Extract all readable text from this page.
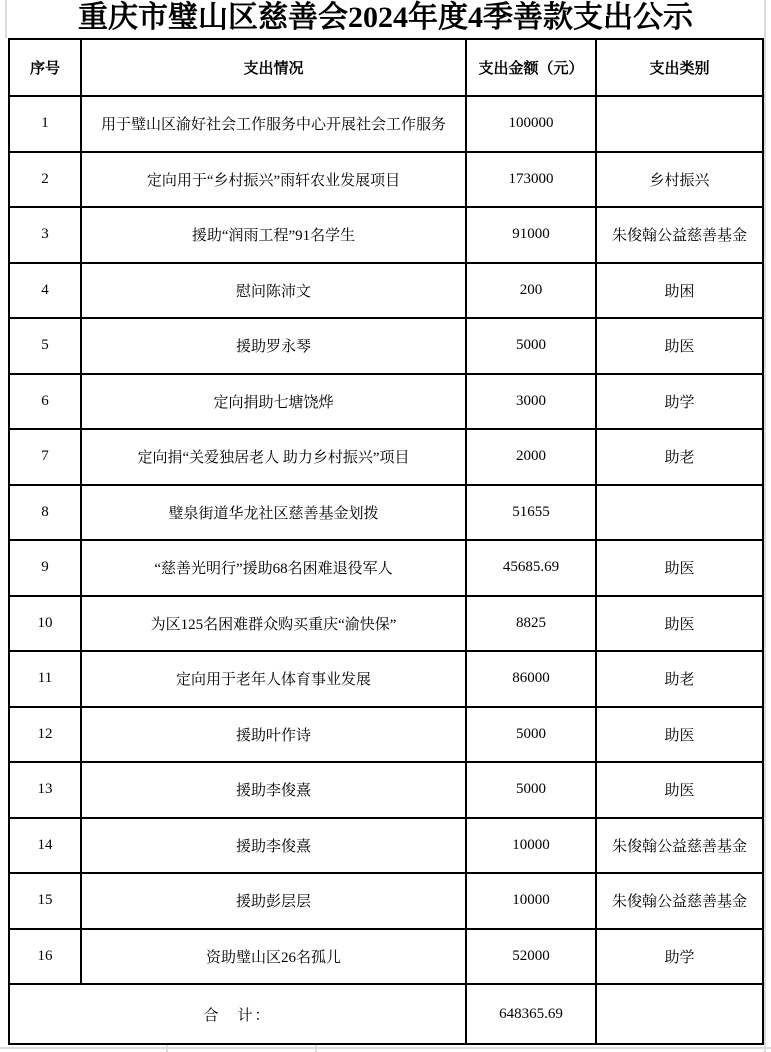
重庆市璧山区慈善会2024年度4季善款支出公示
序号	支出情况	支出金额（元）	支出类别
1	用于璧山区渝好社会工作服务中心开展社会工作服务	100000	
2	定向用于“乡村振兴”雨轩农业发展项目	173000	乡村振兴
3	援助“润雨工程”91名学生	91000	朱俊翰公益慈善基金
4	慰问陈沛文	200	助困
5	援助罗永琴	5000	助医
6	定向捐助七塘饶烨	3000	助学
7	定向捐“关爱独居老人 助力乡村振兴”项目	2000	助老
8	璧泉街道华龙社区慈善基金划拨	51655	
9	“慈善光明行”援助68名困难退役军人	45685.69	助医
10	为区125名困难群众购买重庆“渝快保”	8825	助医
11	定向用于老年人体育事业发展	86000	助老
12	援助叶作诗	5000	助医
13	援助李俊熹	5000	助医
14	援助李俊熹	10000	朱俊翰公益慈善基金
15	援助彭层层	10000	朱俊翰公益慈善基金
16	资助璧山区26名孤儿	52000	助学
合　计：		648365.69	
